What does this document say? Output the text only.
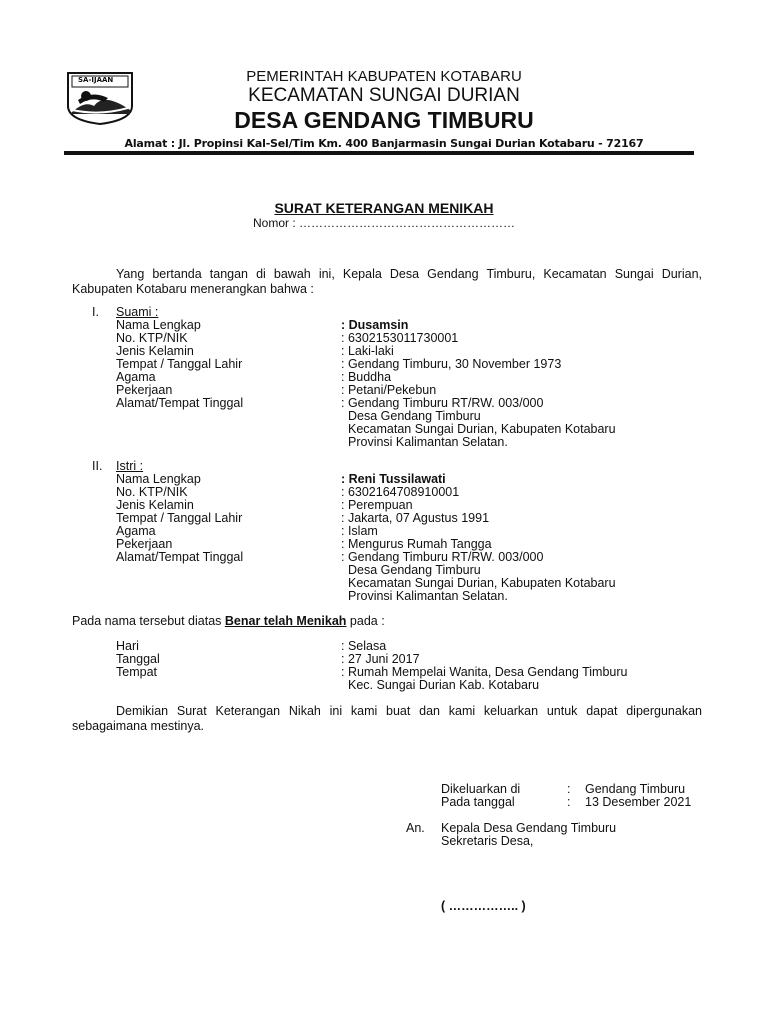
SA-IJAAN	PEMERINTAH KABUPATEN KOTABARU
KECAMATAN SUNGAI DURIAN
DESA GENDANG TIMBURU
Alamat : Jl. Propinsi Kal-Sel/Tim Km. 400 Banjarmasin Sungai Durian Kotabaru - 72167
SURAT KETERANGAN MENIKAH
Nomor : ………………………………………………
Yang bertanda tangan di bawah ini, Kepala Desa Gendang Timburu, Kecamatan Sungai Durian, Kabupaten Kotabaru menerangkan bahwa :
I. Suami :
Nama Lengkap	: Dusamsin
No. KTP/NIK	: 6302153011730001
Jenis Kelamin	: Laki-laki
Tempat / Tanggal Lahir	: Gendang Timburu, 30 November 1973
Agama	: Buddha
Pekerjaan	: Petani/Pekebun
Alamat/Tempat Tinggal	: Gendang Timburu RT/RW. 003/000
Desa Gendang Timburu
Kecamatan Sungai Durian, Kabupaten Kotabaru
Provinsi Kalimantan Selatan.
II. Istri :
Nama Lengkap	: Reni Tussilawati
No. KTP/NIK	: 6302164708910001
Jenis Kelamin	: Perempuan
Tempat / Tanggal Lahir	: Jakarta, 07 Agustus 1991
Agama	: Islam
Pekerjaan	: Mengurus Rumah Tangga
Alamat/Tempat Tinggal	: Gendang Timburu RT/RW. 003/000
Desa Gendang Timburu
Kecamatan Sungai Durian, Kabupaten Kotabaru
Provinsi Kalimantan Selatan.
Pada nama tersebut diatas Benar telah Menikah pada :
Hari	: Selasa
Tanggal	: 27 Juni 2017
Tempat	: Rumah Mempelai Wanita, Desa Gendang Timburu
Kec. Sungai Durian Kab. Kotabaru
Demikian Surat Keterangan Nikah ini kami buat dan kami keluarkan untuk dapat dipergunakan sebagaimana mestinya.
Dikeluarkan di	: Gendang Timburu
Pada tanggal	: 13 Desember 2021
An. Kepala Desa Gendang Timburu
Sekretaris Desa,
( …………….. )
